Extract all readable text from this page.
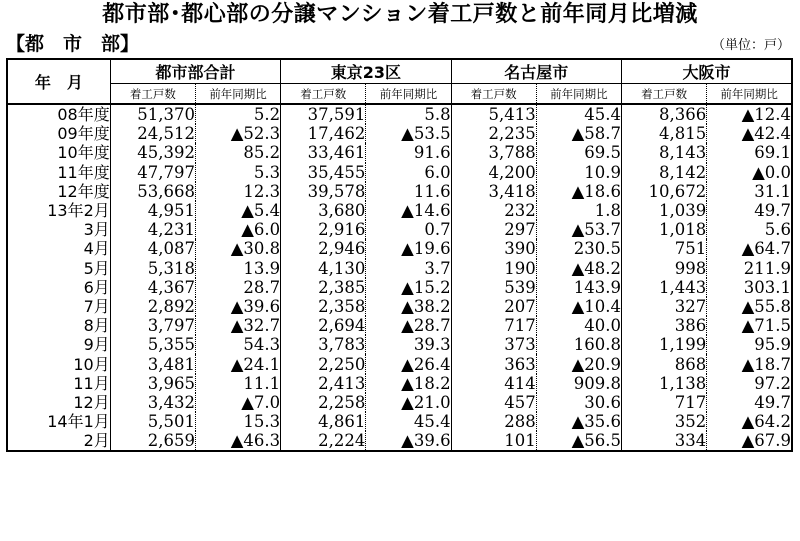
都市部･都心部の分譲マンション着工戸数と前年同月比増減
【都　市　部】	（単位：戸）
年　月	都市部合計		東京23区		名古屋市		大阪市	
	着工戸数	前年同期比	着工戸数	前年同期比	着工戸数	前年同期比	着工戸数	前年同期比
08年度	51,370	5.2	37,591	5.8	5,413	45.4	8,366	▲12.4
09年度	24,512	▲52.3	17,462	▲53.5	2,235	▲58.7	4,815	▲42.4
10年度	45,392	85.2	33,461	91.6	3,788	69.5	8,143	69.1
11年度	47,797	5.3	35,455	6.0	4,200	10.9	8,142	▲0.0
12年度	53,668	12.3	39,578	11.6	3,418	▲18.6	10,672	31.1
13年2月	4,951	▲5.4	3,680	▲14.6	232	1.8	1,039	49.7
3月	4,231	▲6.0	2,916	0.7	297	▲53.7	1,018	5.6
4月	4,087	▲30.8	2,946	▲19.6	390	230.5	751	▲64.7
5月	5,318	13.9	4,130	3.7	190	▲48.2	998	211.9
6月	4,367	28.7	2,385	▲15.2	539	143.9	1,443	303.1
7月	2,892	▲39.6	2,358	▲38.2	207	▲10.4	327	▲55.8
8月	3,797	▲32.7	2,694	▲28.7	717	40.0	386	▲71.5
9月	5,355	54.3	3,783	39.3	373	160.8	1,199	95.9
10月	3,481	▲24.1	2,250	▲26.4	363	▲20.9	868	▲18.7
11月	3,965	11.1	2,413	▲18.2	414	909.8	1,138	97.2
12月	3,432	▲7.0	2,258	▲21.0	457	30.6	717	49.7
14年1月	5,501	15.3	4,861	45.4	288	▲35.6	352	▲64.2
2月	2,659	▲46.3	2,224	▲39.6	101	▲56.5	334	▲67.9
